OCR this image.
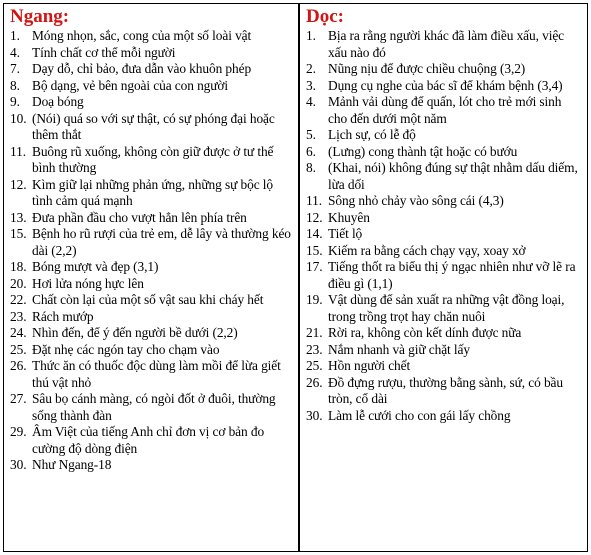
Ngang:
1. Móng nhọn, sắc, cong của một số loài vật
4. Tính chất cơ thể mỗi người
7. Dạy dỗ, chỉ bảo, đưa dẫn vào khuôn phép
8. Bộ dạng, vẻ bên ngoài của con người
9. Doạ bóng
10. (Nói) quá so với sự thật, có sự phóng đại hoặc thêm thắt
11. Buông rũ xuống, không còn giữ được ở tư thế bình thường
12. Kìm giữ lại những phản ứng, những sự bộc lộ tình cảm quá mạnh
13. Đưa phần đầu cho vượt hẳn lên phía trên
15. Bệnh ho rũ rượi của trẻ em, dễ lây và thường kéo dài (2,2)
18. Bóng mượt và đẹp (3,1)
20. Hơi lửa nóng hực lên
22. Chất còn lại của một số vật sau khi cháy hết
23. Rách mướp
24. Nhìn đến, để ý đến người bề dưới (2,2)
25. Đặt nhẹ các ngón tay cho chạm vào
26. Thức ăn có thuốc độc dùng làm mồi để lừa giết thú vật nhỏ
27. Sâu bọ cánh màng, có ngòi đốt ở đuôi, thường sống thành đàn
29. Âm Việt của tiếng Anh chỉ đơn vị cơ bản đo cường độ dòng điện
30. Như Ngang-18
Dọc:
1. Bịa ra rằng người khác đã làm điều xấu, việc xấu nào đó
2. Nũng nịu để được chiều chuộng (3,2)
3. Dụng cụ nghe của bác sĩ để khám bệnh (3,4)
4. Mảnh vải dùng để quấn, lót cho trẻ mới sinh cho đến dưới một năm
5. Lịch sự, có lễ độ
6. (Lưng) cong thành tật hoặc có bướu
8. (Khai, nói) không đúng sự thật nhằm dấu diếm, lừa dối
11. Sông nhỏ chảy vào sông cái (4,3)
12. Khuyên
14. Tiết lộ
15. Kiếm ra bằng cách chạy vạy, xoay xở
17. Tiếng thốt ra biểu thị ý ngạc nhiên như vỡ lẽ ra điều gì (1,1)
19. Vật dùng để sản xuất ra những vật đồng loại, trong trồng trọt hay chăn nuôi
21. Rời ra, không còn kết dính được nữa
23. Nắm nhanh và giữ chặt lấy
25. Hồn người chết
26. Đồ đựng rượu, thường bằng sành, sứ, có bầu tròn, cổ dài
30. Làm lễ cưới cho con gái lấy chồng
